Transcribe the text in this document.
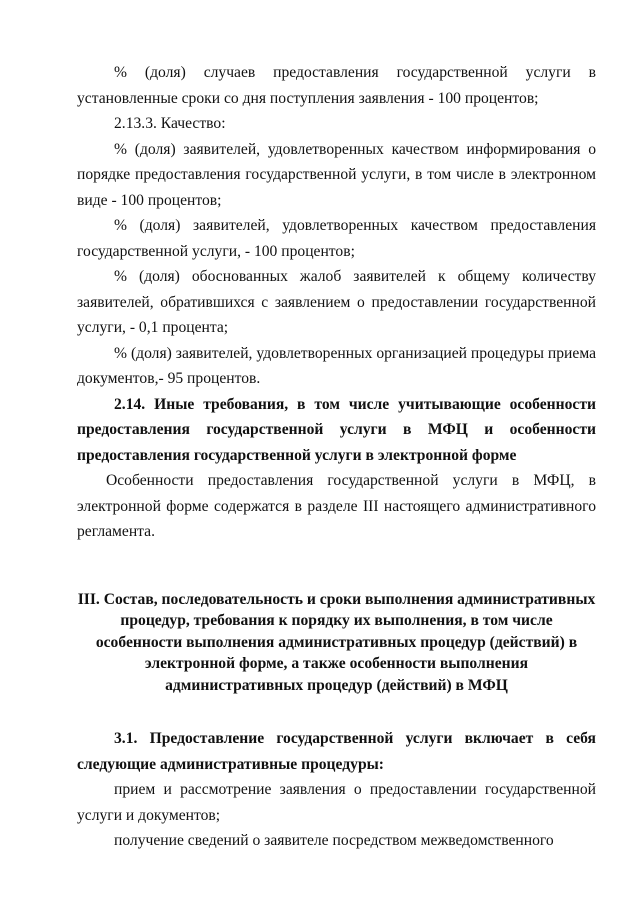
% (доля) случаев предоставления государственной услуги в установленные сроки со дня поступления заявления - 100 процентов;

2.13.3. Качество:

% (доля) заявителей, удовлетворенных качеством информирования о порядке предоставления государственной услуги, в том числе в электронном виде - 100 процентов;

% (доля) заявителей, удовлетворенных качеством предоставления государственной услуги, - 100 процентов;

% (доля) обоснованных жалоб заявителей к общему количеству заявителей, обратившихся с заявлением о предоставлении государственной услуги, - 0,1 процента;

% (доля) заявителей, удовлетворенных организацией процедуры приема документов,- 95 процентов.

2.14. Иные требования, в том числе учитывающие особенности предоставления государственной услуги в МФЦ и особенности предоставления государственной услуги в электронной форме

Особенности предоставления государственной услуги в МФЦ, в электронной форме содержатся в разделе III настоящего административного регламента.

III. Состав, последовательность и сроки выполнения административных процедур, требования к порядку их выполнения, в том числе особенности выполнения административных процедур (действий) в электронной форме, а также особенности выполнения административных процедур (действий) в МФЦ

3.1. Предоставление государственной услуги включает в себя следующие административные процедуры:

прием и рассмотрение заявления о предоставлении государственной услуги и документов;

получение сведений о заявителе посредством межведомственного
